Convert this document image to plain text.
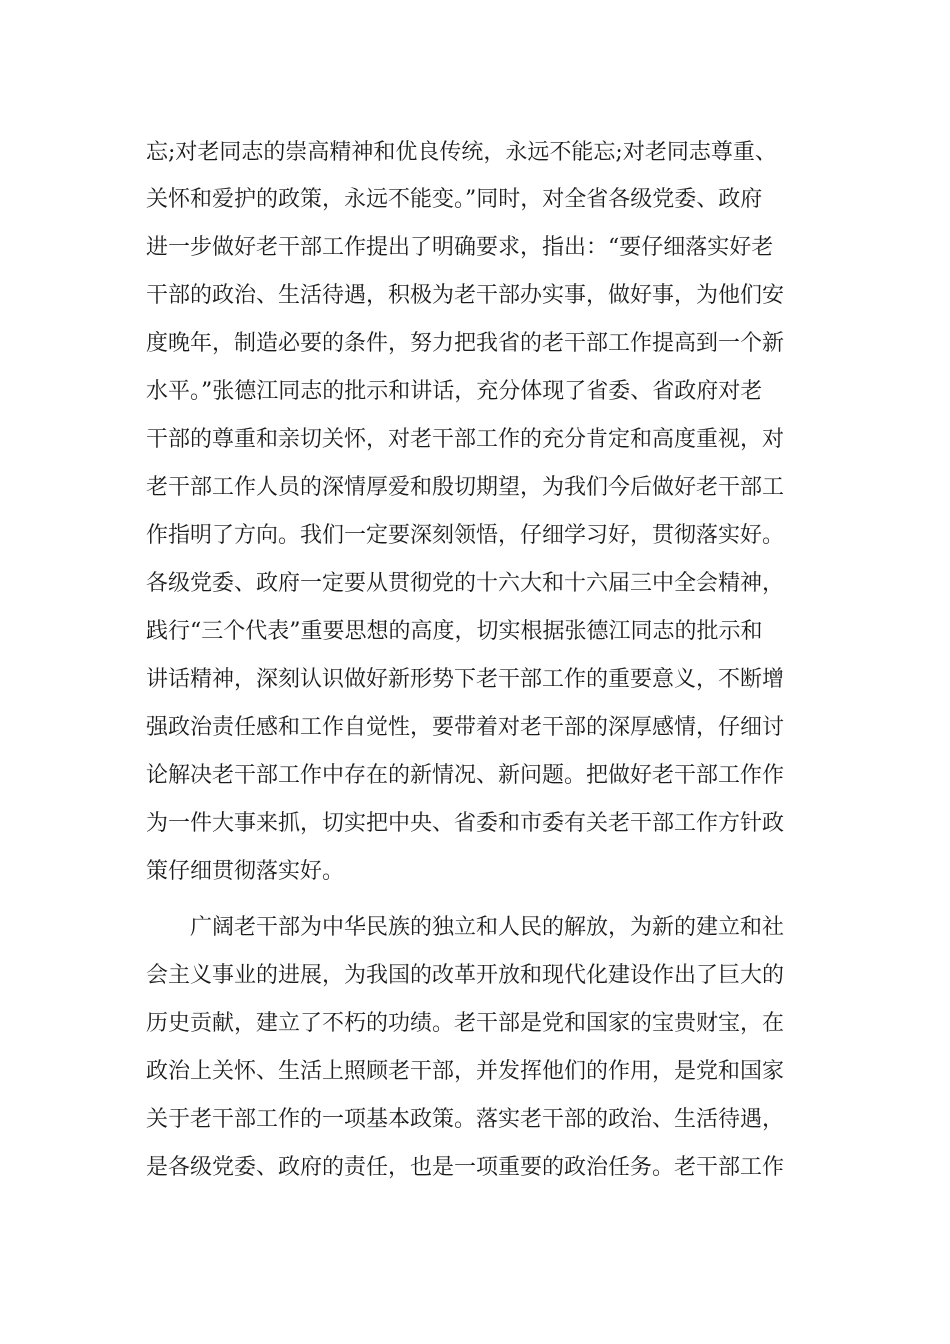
忘;对老同志的崇高精神和优良传统，永远不能忘;对老同志尊重、
关怀和爱护的政策，永远不能变。”同时，对全省各级党委、政府
进一步做好老干部工作提出了明确要求，指出：“要仔细落实好老
干部的政治、生活待遇，积极为老干部办实事，做好事，为他们安
度晚年，制造必要的条件，努力把我省的老干部工作提高到一个新
水平。”张德江同志的批示和讲话，充分体现了省委、省政府对老
干部的尊重和亲切关怀，对老干部工作的充分肯定和高度重视，对
老干部工作人员的深情厚爱和殷切期望，为我们今后做好老干部工
作指明了方向。我们一定要深刻领悟，仔细学习好，贯彻落实好。
各级党委、政府一定要从贯彻党的十六大和十六届三中全会精神，
践行“三个代表”重要思想的高度，切实根据张德江同志的批示和
讲话精神，深刻认识做好新形势下老干部工作的重要意义，不断增
强政治责任感和工作自觉性，要带着对老干部的深厚感情，仔细讨
论解决老干部工作中存在的新情况、新问题。把做好老干部工作作
为一件大事来抓，切实把中央、省委和市委有关老干部工作方针政
策仔细贯彻落实好。
广阔老干部为中华民族的独立和人民的解放，为新的建立和社
会主义事业的进展，为我国的改革开放和现代化建设作出了巨大的
历史贡献，建立了不朽的功绩。老干部是党和国家的宝贵财宝，在
政治上关怀、生活上照顾老干部，并发挥他们的作用，是党和国家
关于老干部工作的一项基本政策。落实老干部的政治、生活待遇，
是各级党委、政府的责任，也是一项重要的政治任务。老干部工作
